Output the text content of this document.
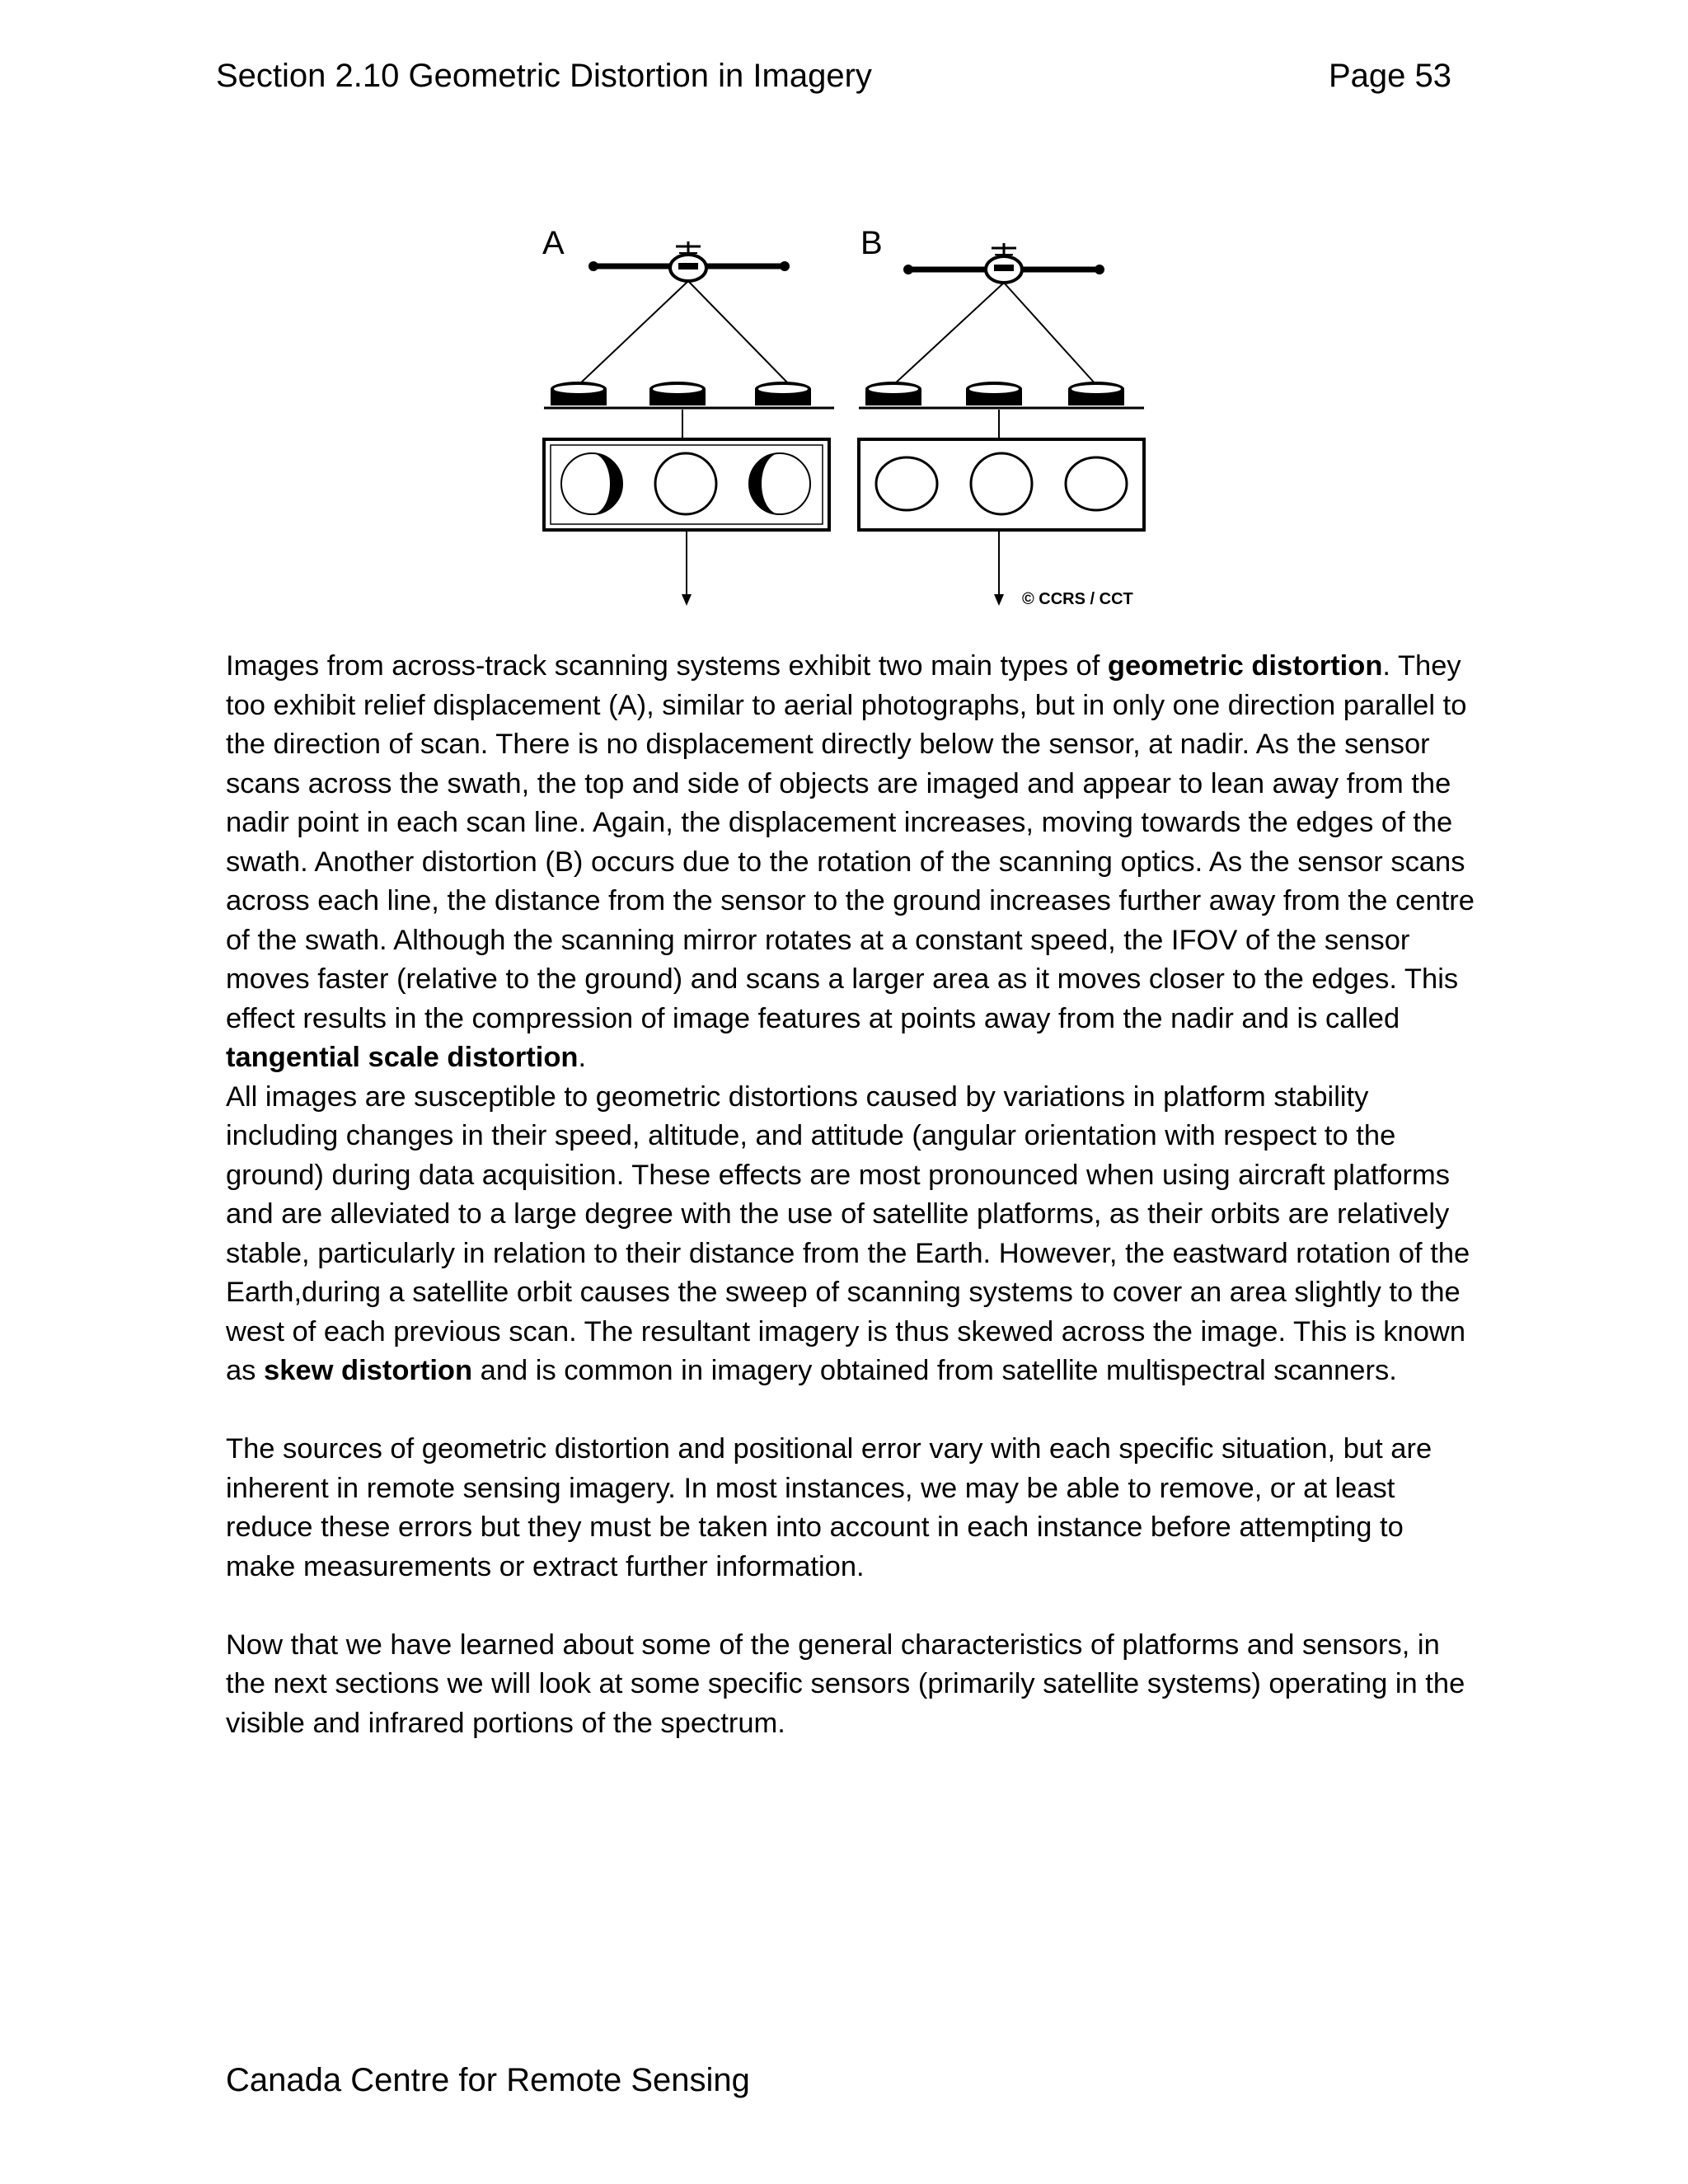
Section 2.10 Geometric Distortion in Imagery	Page 53
A	B
© CCRS / CCT

Images from across-track scanning systems exhibit two main types of geometric distortion. They too exhibit relief displacement (A), similar to aerial photographs, but in only one direction parallel to the direction of scan. There is no displacement directly below the sensor, at nadir. As the sensor scans across the swath, the top and side of objects are imaged and appear to lean away from the nadir point in each scan line. Again, the displacement increases, moving towards the edges of the swath. Another distortion (B) occurs due to the rotation of the scanning optics. As the sensor scans across each line, the distance from the sensor to the ground increases further away from the centre of the swath. Although the scanning mirror rotates at a constant speed, the IFOV of the sensor moves faster (relative to the ground) and scans a larger area as it moves closer to the edges. This effect results in the compression of image features at points away from the nadir and is called tangential scale distortion.

All images are susceptible to geometric distortions caused by variations in platform stability including changes in their speed, altitude, and attitude (angular orientation with respect to the ground) during data acquisition. These effects are most pronounced when using aircraft platforms and are alleviated to a large degree with the use of satellite platforms, as their orbits are relatively stable, particularly in relation to their distance from the Earth. However, the eastward rotation of the Earth,during a satellite orbit causes the sweep of scanning systems to cover an area slightly to the west of each previous scan. The resultant imagery is thus skewed across the image. This is known as skew distortion and is common in imagery obtained from satellite multispectral scanners.

The sources of geometric distortion and positional error vary with each specific situation, but are inherent in remote sensing imagery. In most instances, we may be able to remove, or at least reduce these errors but they must be taken into account in each instance before attempting to make measurements or extract further information.

Now that we have learned about some of the general characteristics of platforms and sensors, in the next sections we will look at some specific sensors (primarily satellite systems) operating in the visible and infrared portions of the spectrum.

Canada Centre for Remote Sensing
